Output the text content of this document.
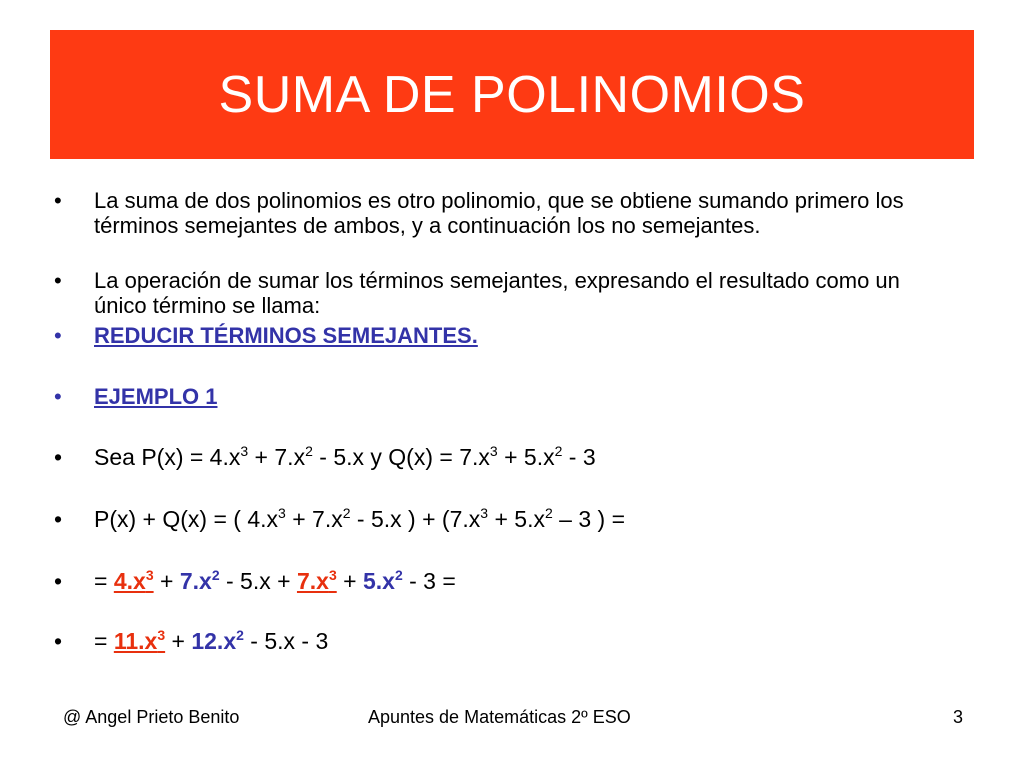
SUMA DE POLINOMIOS
• La suma de dos polinomios es otro polinomio, que se obtiene sumando primero los términos semejantes de ambos, y a continuación los no semejantes.
• La operación de sumar los términos semejantes, expresando el resultado como un único término se llama:
• REDUCIR TÉRMINOS SEMEJANTES.
• EJEMPLO 1
• Sea $P(x) = 4.x^3 + 7.x^2 - 5.x$ y $Q(x) = 7.x^3 + 5.x^2 - 3$
• P(x) + Q(x) = ( $4.x^3 + 7.x^2 - 5.x$ ) + ($7.x^3 + 5.x^2 - 3$ ) =
• = $4.x^3 + 7.x^2 - 5.x + 7.x^3 + 5.x^2 - 3$ =
• = $11.x^3 + 12.x^2 - 5.x - 3$
@ Angel Prieto Benito	Apuntes de Matemáticas 2º ESO	3
